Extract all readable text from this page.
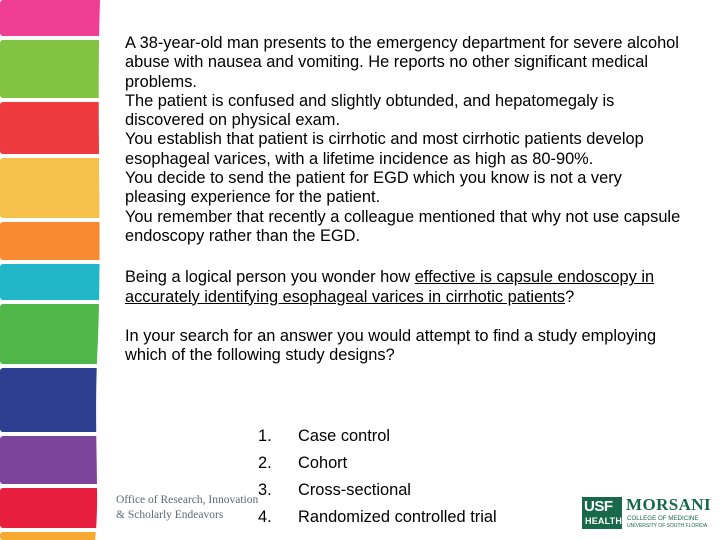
A 38-year-old man presents to the emergency department for severe alcohol abuse with nausea and vomiting. He reports no other significant medical problems.

The patient is confused and slightly obtunded, and hepatomegaly is discovered on physical exam.

You establish that patient is cirrhotic and most cirrhotic patients develop esophageal varices, with a lifetime incidence as high as 80-90%.

You decide to send the patient for EGD which you know is not a very pleasing experience for the patient.

You remember that recently a colleague mentioned that why not use capsule endoscopy rather than the EGD.

Being a logical person you wonder how effective is capsule endoscopy in accurately identifying esophageal varices in cirrhotic patients?

In your search for an answer you would attempt to find a study employing which of the following study designs?

1.	Case control
2.	Cohort
3.	Cross-sectional
4.	Randomized controlled trial
Office of Research, Innovation
& Scholarly Endeavors	USF
HEALTH
MORSANI
COLLEGE OF MEDICINE
UNIVERSITY OF SOUTH FLORIDA
